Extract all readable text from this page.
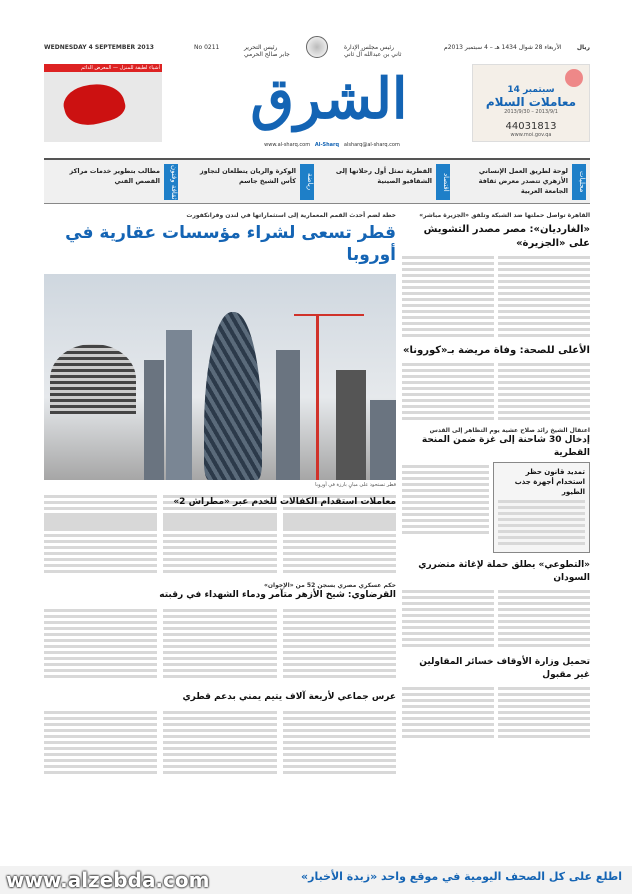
WEDNESDAY 4 SEPTEMBER 2013	No 0211	رئيس التحرير
جابر صالح الحرمي
رئيس مجلس الإدارة
ثاني بن عبدالله آل ثاني
الأربعاء 28 شوال 1434 هـ – 4 سبتمبر 2013م	ريال
أشياء لطيفة للمنزل — المعرض الدائم	الشرق
www.al-sharq.com Al-Sharq alsharq@al-sharq.com
14 سبتمبر
معاملات السلام
2013/9/30 – 2013/9/1
44031813
www.moi.gov.qa
محليات
لوحة لطريق العمل الإنساني الأزهري تتصدر معرض ثقافة الجامعة العربية
اقتصاد
القطرية تمثل أول رحلاتها إلى الشقاقيو الصينية
رياضة
الوكرة والريان يتطلعان لتجاوز كأس الشيخ جاسم
ثقافة وفنون
مطالب بتطوير خدمات مراكز القصص الفني
خطة لضم أحدث القمم المعمارية إلى استثماراتها في لندن وفرانكفورت
قطر تسعى لشراء مؤسسات عقارية في أوروبا
قطر تستحوذ على مبانٍ بارزة في أوروبا
معاملات استقدام الكفالات للخدم عبر «مطراش 2»
حكم عسكري مصري بسجن 52 من «الإخوان»
القرضاوي: شيخ الأزهر متآمر ودماء الشهداء في رقبته
عرس جماعي لأربعة آلاف يتيم يمني بدعم قطري
القاهرة تواصل حملتها ضد الشبكة وتلفق «الجزيرة مباشر»
«الغارديان»: مصر مصدر التشويش على «الجزيرة»
الأعلى للصحة: وفاة مريضة بـ«كورونا»
اعتقال الشيخ رائد صلاح عشية يوم التظاهر إلى القدس
إدخال 30 شاحنة إلى غزة ضمن المنحة القطرية
تمديد قانون حظر استخدام أجهزة جذب الطيور
«التطوعي» يطلق حملة لإغاثة متضرري السودان
تحميل وزارة الأوقاف خسائر المقاولين غير مقبول
www.alzebda.com	اطلع على كل الصحف اليومية في موقع واحد «زبدة الأخبار»
